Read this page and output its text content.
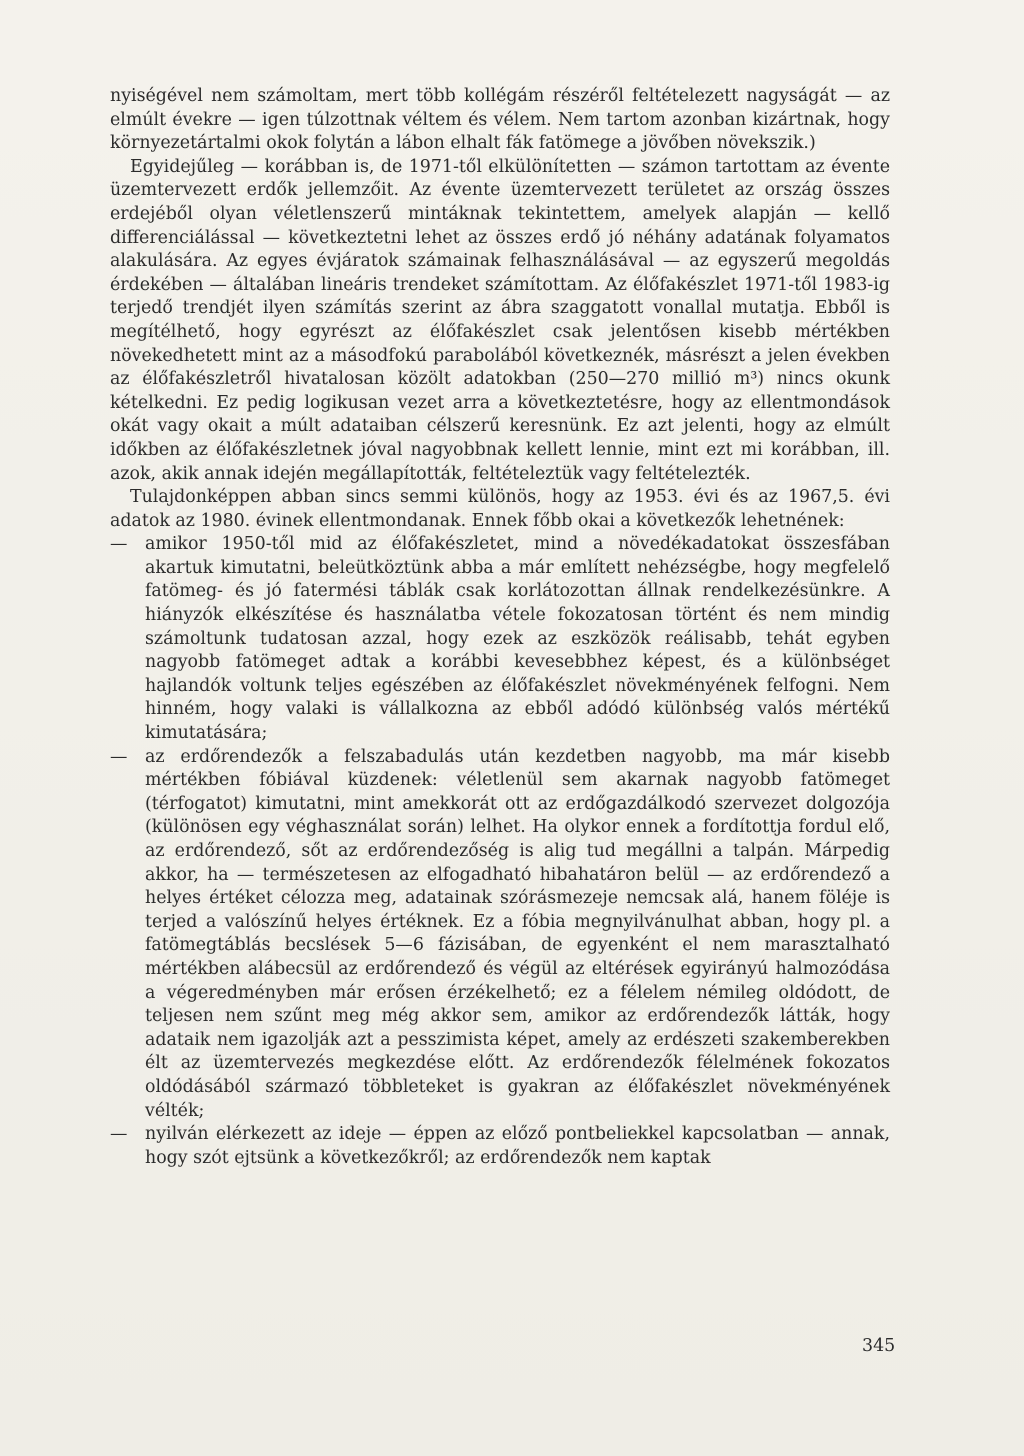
nyiségével nem számoltam, mert több kollégám részéről feltételezett nagyságát — az elmúlt évekre — igen túlzottnak véltem és vélem. Nem tartom azonban kizártnak, hogy környezetártalmi okok folytán a lábon elhalt fák fatömege a jövőben növekszik.)

Egyidejűleg — korábban is, de 1971-től elkülönítetten — számon tartottam az évente üzemtervezett erdők jellemzőit. Az évente üzemtervezett területet az ország összes erdejéből olyan véletlenszerű mintáknak tekintettem, amelyek alapján — kellő differenciálással — következtetni lehet az összes erdő jó néhány adatának folyamatos alakulására. Az egyes évjáratok számainak felhasználásával — az egyszerű megoldás érdekében — általában lineáris trendeket számítottam. Az élőfakészlet 1971-től 1983-ig terjedő trendjét ilyen számítás szerint az ábra szaggatott vonallal mutatja. Ebből is megítélhető, hogy egyrészt az élőfakészlet csak jelentősen kisebb mértékben növekedhetett mint az a másodfokú parabolából következnék, másrészt a jelen években az élőfakészletről hivatalosan közölt adatokban (250—270 millió m³) nincs okunk kételkedni. Ez pedig logikusan vezet arra a következtetésre, hogy az ellentmondások okát vagy okait a múlt adataiban célszerű keresnünk. Ez azt jelenti, hogy az elmúlt időkben az élőfakészletnek jóval nagyobbnak kellett lennie, mint ezt mi korábban, ill. azok, akik annak idején megállapították, feltételeztük vagy feltételezték.

Tulajdonképpen abban sincs semmi különös, hogy az 1953. évi és az 1967,5. évi adatok az 1980. évinek ellentmondanak. Ennek főbb okai a következők lehetnének:

—	amikor 1950-től mid az élőfakészletet, mind a növedékadatokat összesfában akartuk kimutatni, beleütköztünk abba a már említett nehézségbe, hogy megfelelő fatömeg- és jó fatermési táblák csak korlátozottan állnak rendelkezésünkre. A hiányzók elkészítése és használatba vétele fokozatosan történt és nem mindig számoltunk tudatosan azzal, hogy ezek az eszközök reálisabb, tehát egyben nagyobb fatömeget adtak a korábbi kevesebbhez képest, és a különbséget hajlandók voltunk teljes egészében az élőfakészlet növekményének felfogni. Nem hinném, hogy valaki is vállalkozna az ebből adódó különbség valós mértékű kimutatására;
—	az erdőrendezők a felszabadulás után kezdetben nagyobb, ma már kisebb mértékben fóbiával küzdenek: véletlenül sem akarnak nagyobb fatömeget (térfogatot) kimutatni, mint amekkorát ott az erdőgazdálkodó szervezet dolgozója (különösen egy véghasználat során) lelhet. Ha olykor ennek a fordítottja fordul elő, az erdőrendező, sőt az erdőrendezőség is alig tud megállni a talpán. Márpedig akkor, ha — természetesen az elfogadható hibahatáron belül — az erdőrendező a helyes értéket célozza meg, adatainak szórásmezeje nemcsak alá, hanem föléje is terjed a valószínű helyes értéknek. Ez a fóbia megnyilvánulhat abban, hogy pl. a fatömegtáblás becslések 5—6 fázisában, de egyenként el nem marasztalható mértékben alábecsül az erdőrendező és végül az eltérések egyirányú halmozódása a végeredményben már erősen érzékelhető; ez a félelem némileg oldódott, de teljesen nem szűnt meg még akkor sem, amikor az erdőrendezők látták, hogy adataik nem igazolják azt a pesszimista képet, amely az erdészeti szakemberekben élt az üzemtervezés megkezdése előtt. Az erdőrendezők félelmének fokozatos oldódásából származó többleteket is gyakran az élőfakészlet növekményének vélték;
—	nyilván elérkezett az ideje — éppen az előző pontbeliekkel kapcsolatban — annak, hogy szót ejtsünk a következőkről; az erdőrendezők nem kaptak
345
